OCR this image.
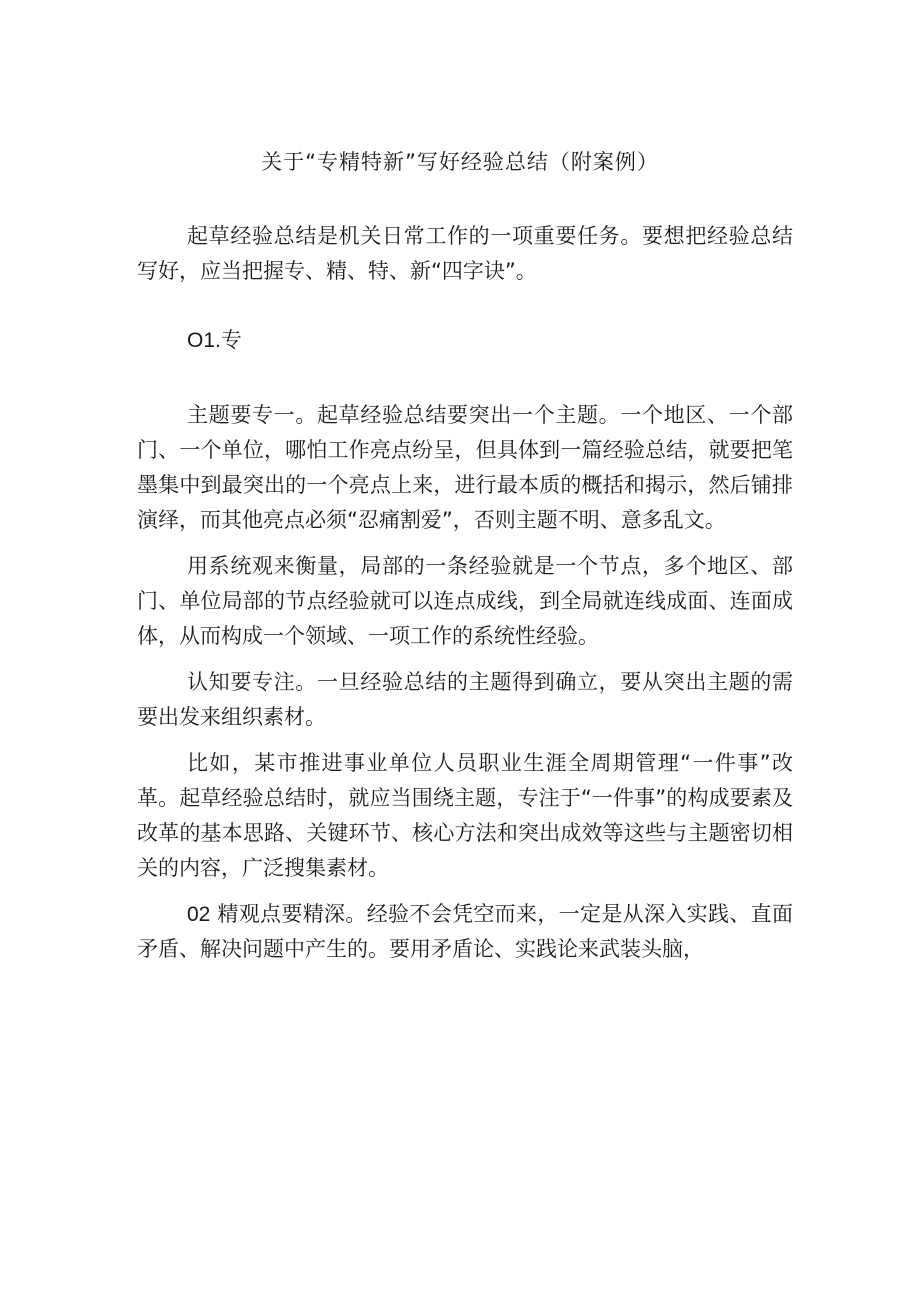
关于“专精特新”写好经验总结（附案例）

起草经验总结是机关日常工作的一项重要任务。要想把经验总结写好，应当把握专、精、特、新“四字诀”。

O1.专

主题要专一。起草经验总结要突出一个主题。一个地区、一个部门、一个单位，哪怕工作亮点纷呈，但具体到一篇经验总结，就要把笔墨集中到最突出的一个亮点上来，进行最本质的概括和揭示，然后铺排演绎，而其他亮点必须“忍痛割爱”，否则主题不明、意多乱文。

用系统观来衡量，局部的一条经验就是一个节点，多个地区、部门、单位局部的节点经验就可以连点成线，到全局就连线成面、连面成体，从而构成一个领域、一项工作的系统性经验。

认知要专注。一旦经验总结的主题得到确立，要从突出主题的需要出发来组织素材。

比如，某市推进事业单位人员职业生涯全周期管理“一件事”改革。起草经验总结时，就应当围绕主题，专注于“一件事”的构成要素及改革的基本思路、关键环节、核心方法和突出成效等这些与主题密切相关的内容，广泛搜集素材。

02 精观点要精深。经验不会凭空而来，一定是从深入实践、直面矛盾、解决问题中产生的。要用矛盾论、实践论来武装头脑，
